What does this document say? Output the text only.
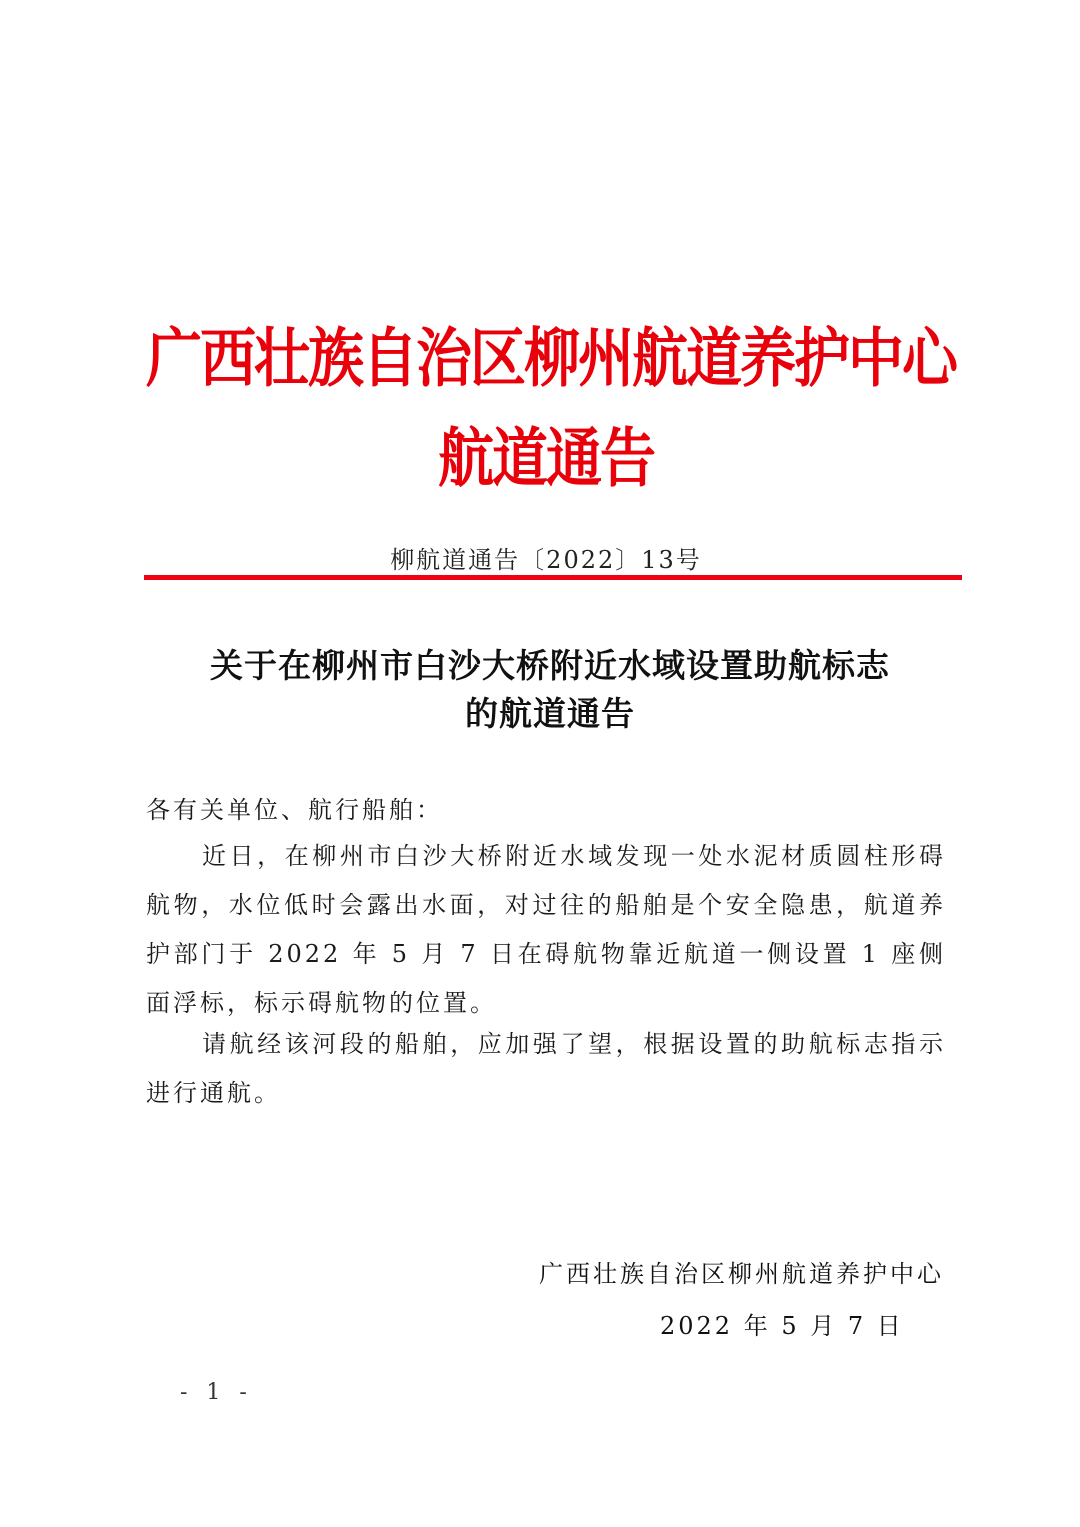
广西壮族自治区柳州航道养护中心
航道通告
柳航道通告〔2022〕13号
关于在柳州市白沙大桥附近水域设置助航标志
的航道通告
各有关单位、航行船舶：
近日，在柳州市白沙大桥附近水域发现一处水泥材质圆柱形碍航物，水位低时会露出水面，对过往的船舶是个安全隐患，航道养护部门于 2022 年 5 月 7 日在碍航物靠近航道一侧设置 1 座侧面浮标，标示碍航物的位置。
请航经该河段的船舶，应加强了望，根据设置的助航标志指示进行通航。
广西壮族自治区柳州航道养护中心
2022 年 5 月 7 日
- 1 -
